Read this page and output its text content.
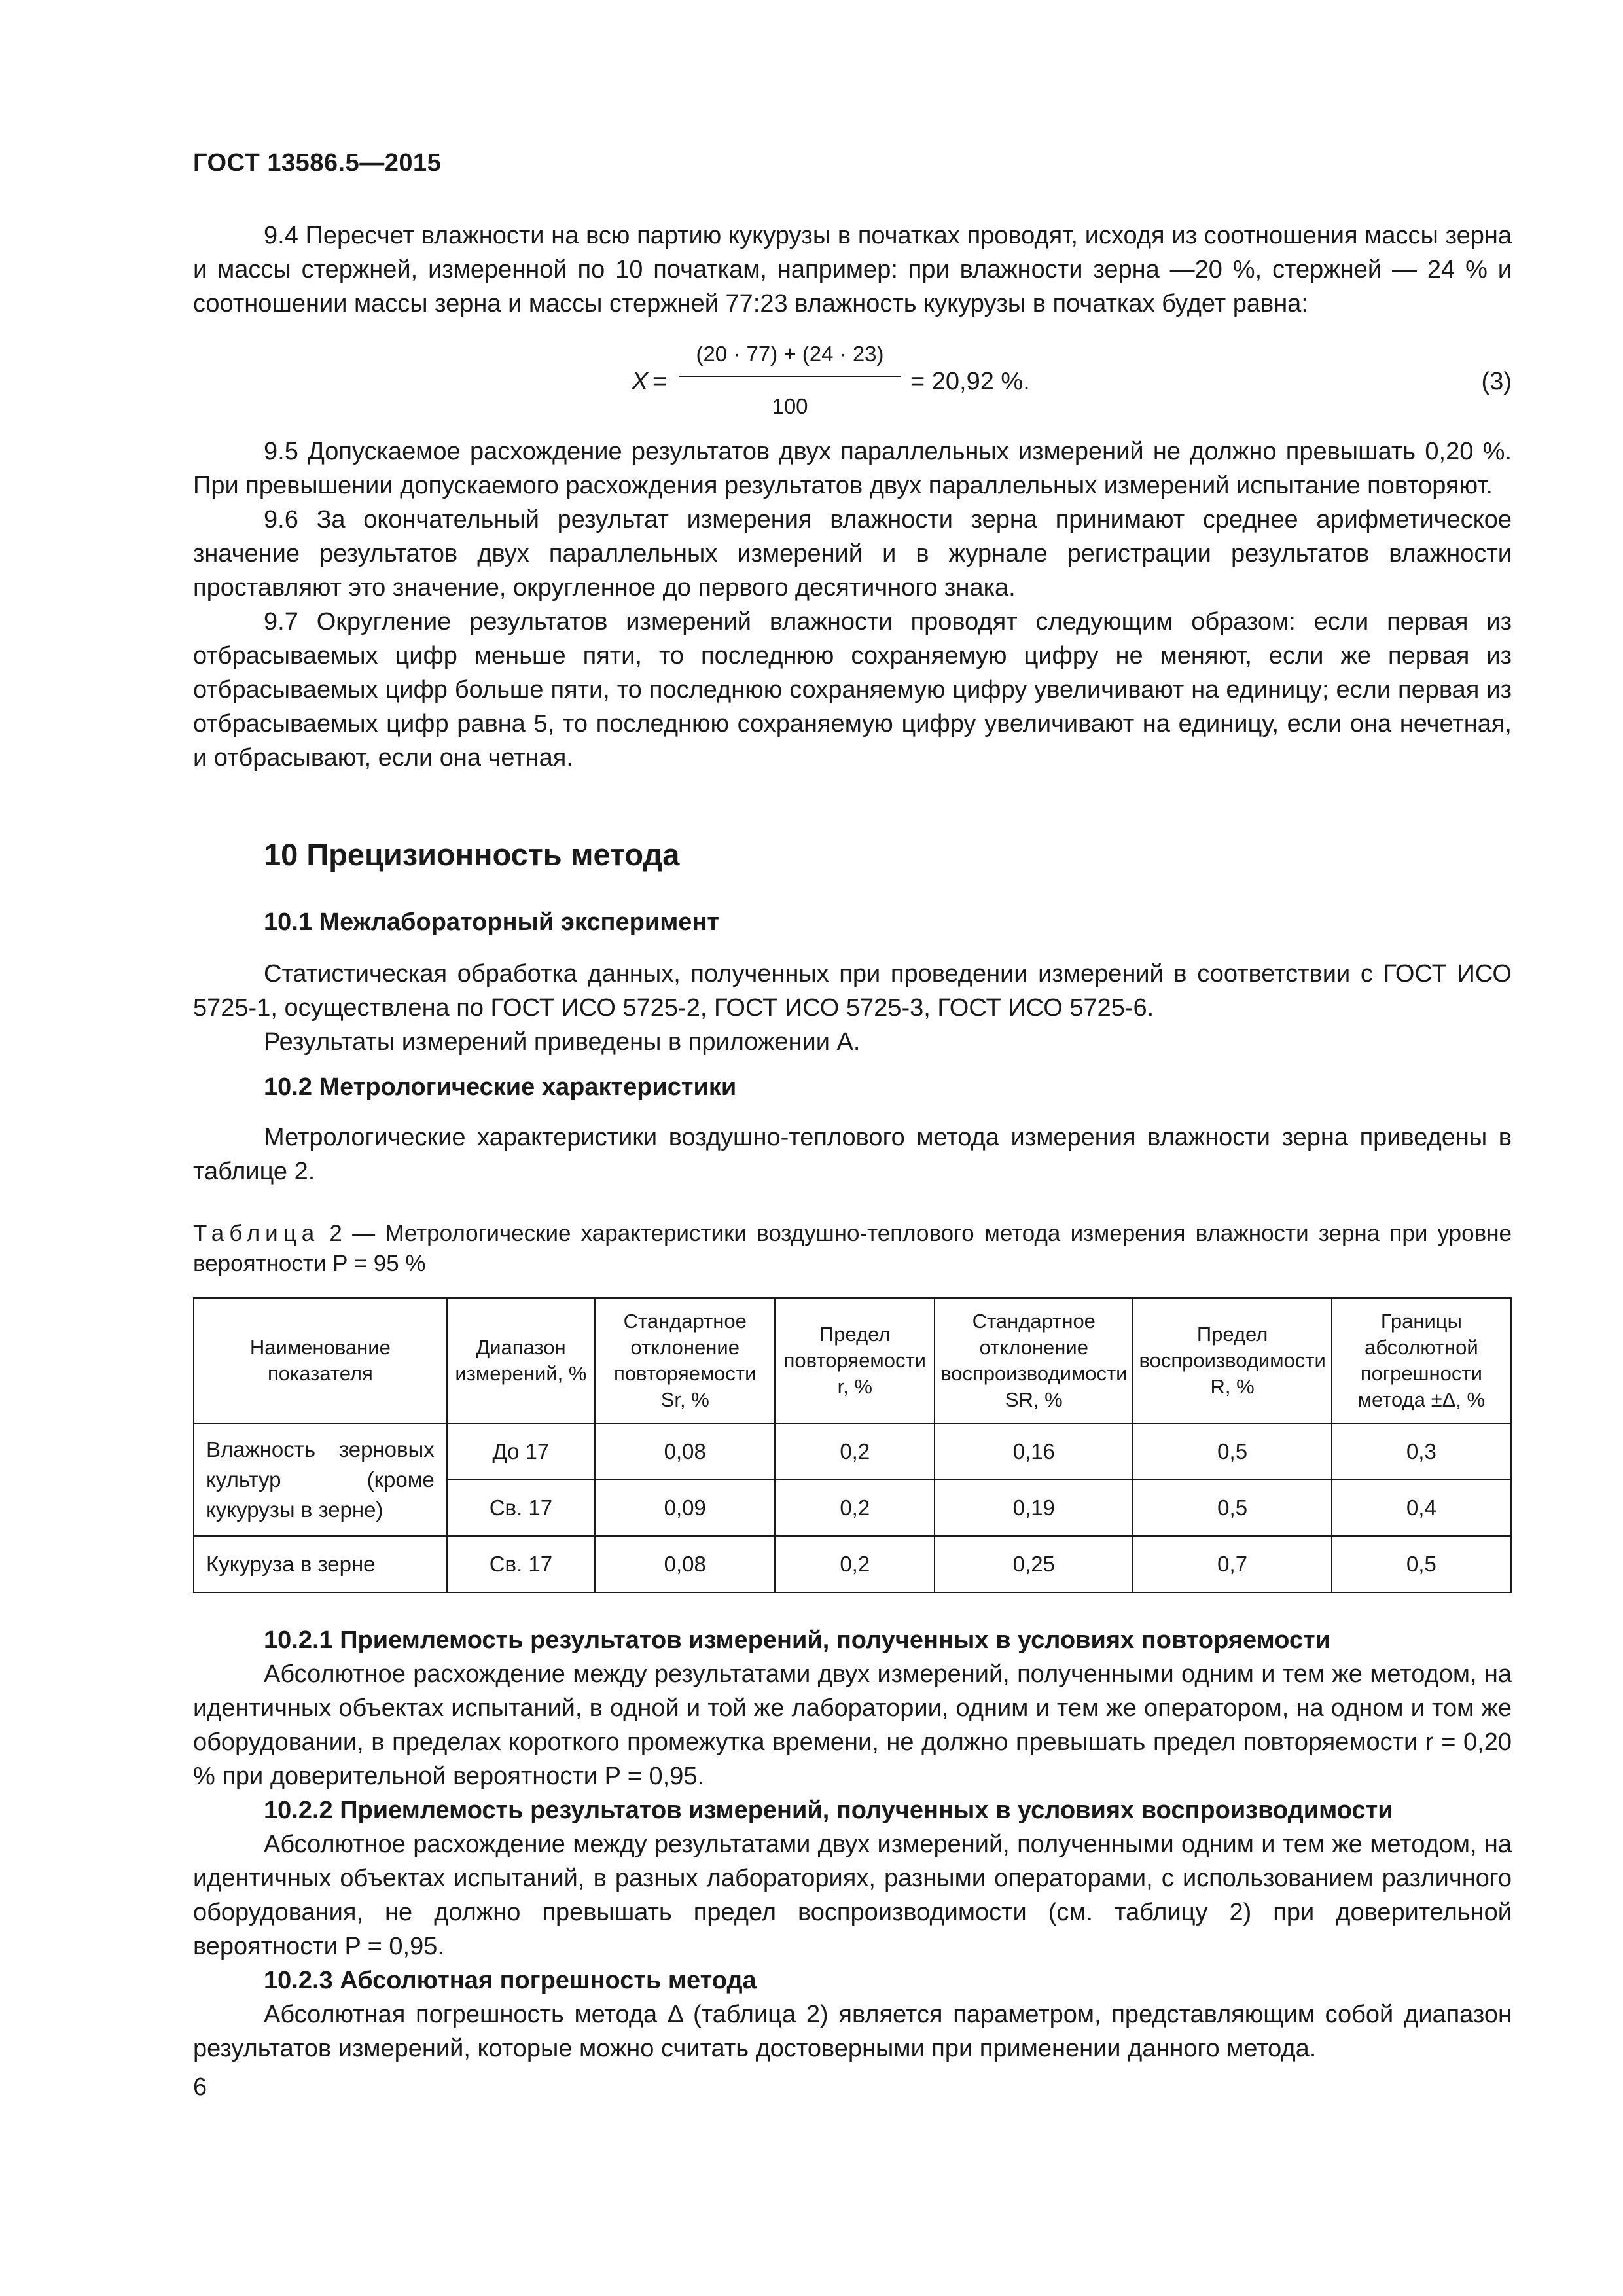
ГОСТ 13586.5—2015

9.4 Пересчет влажности на всю партию кукурузы в початках проводят, исходя из соотношения массы зерна и массы стержней, измеренной по 10 початкам, например: при влажности зерна —20 %, стержней — 24 % и соотношении массы зерна и массы стержней 77:23 влажность кукурузы в початках будет равна:

X =
(20 · 77) + (24 · 23)
100
= 20,92 %.	(3)

9.5 Допускаемое расхождение результатов двух параллельных измерений не должно превышать 0,20 %. При превышении допускаемого расхождения результатов двух параллельных измерений испытание повторяют.

9.6 За окончательный результат измерения влажности зерна принимают среднее арифметическое значение результатов двух параллельных измерений и в журнале регистрации результатов влажности проставляют это значение, округленное до первого десятичного знака.

9.7 Округление результатов измерений влажности проводят следующим образом: если первая из отбрасываемых цифр меньше пяти, то последнюю сохраняемую цифру не меняют, если же первая из отбрасываемых цифр больше пяти, то последнюю сохраняемую цифру увеличивают на единицу; если первая из отбрасываемых цифр равна 5, то последнюю сохраняемую цифру увеличивают на единицу, если она нечетная, и отбрасывают, если она четная.

10 Прецизионность метода
10.1 Межлабораторный эксперимент

Статистическая обработка данных, полученных при проведении измерений в соответствии с ГОСТ ИСО 5725-1, осуществлена по ГОСТ ИСО 5725-2, ГОСТ ИСО 5725-3, ГОСТ ИСО 5725-6.

Результаты измерений приведены в приложении А.

10.2 Метрологические характеристики

Метрологические характеристики воздушно-теплового метода измерения влажности зерна приведены в таблице 2.

Таблица 2 — Метрологические характеристики воздушно-теплового метода измерения влажности зерна при уровне вероятности P = 95 %
Наименование показателя	Диапазон измерений, %	Стандартное отклонение повторяемости Sr, %	Предел повторяемости r, %	Стандартное отклонение воспроизводимости SR, %	Предел воспроизводимости R, %	Границы абсолютной погрешности метода ±Δ, %
Влажность зерновых культур (кроме кукурузы в зерне)	До 17	0,08	0,2	0,16	0,5	0,3
	Св. 17	0,09	0,2	0,19	0,5	0,4
Кукуруза в зерне	Св. 17	0,08	0,2	0,25	0,7	0,5

10.2.1 Приемлемость результатов измерений, полученных в условиях повторяемости

Абсолютное расхождение между результатами двух измерений, полученными одним и тем же методом, на идентичных объектах испытаний, в одной и той же лаборатории, одним и тем же оператором, на одном и том же оборудовании, в пределах короткого промежутка времени, не должно превышать предел повторяемости r = 0,20 % при доверительной вероятности P = 0,95.

10.2.2 Приемлемость результатов измерений, полученных в условиях воспроизводимости

Абсолютное расхождение между результатами двух измерений, полученными одним и тем же методом, на идентичных объектах испытаний, в разных лабораториях, разными операторами, с использованием различного оборудования, не должно превышать предел воспроизводимости (см. таблицу 2) при доверительной вероятности P = 0,95.

10.2.3 Абсолютная погрешность метода

Абсолютная погрешность метода Δ (таблица 2) является параметром, представляющим собой диапазон результатов измерений, которые можно считать достоверными при применении данного метода.

6
